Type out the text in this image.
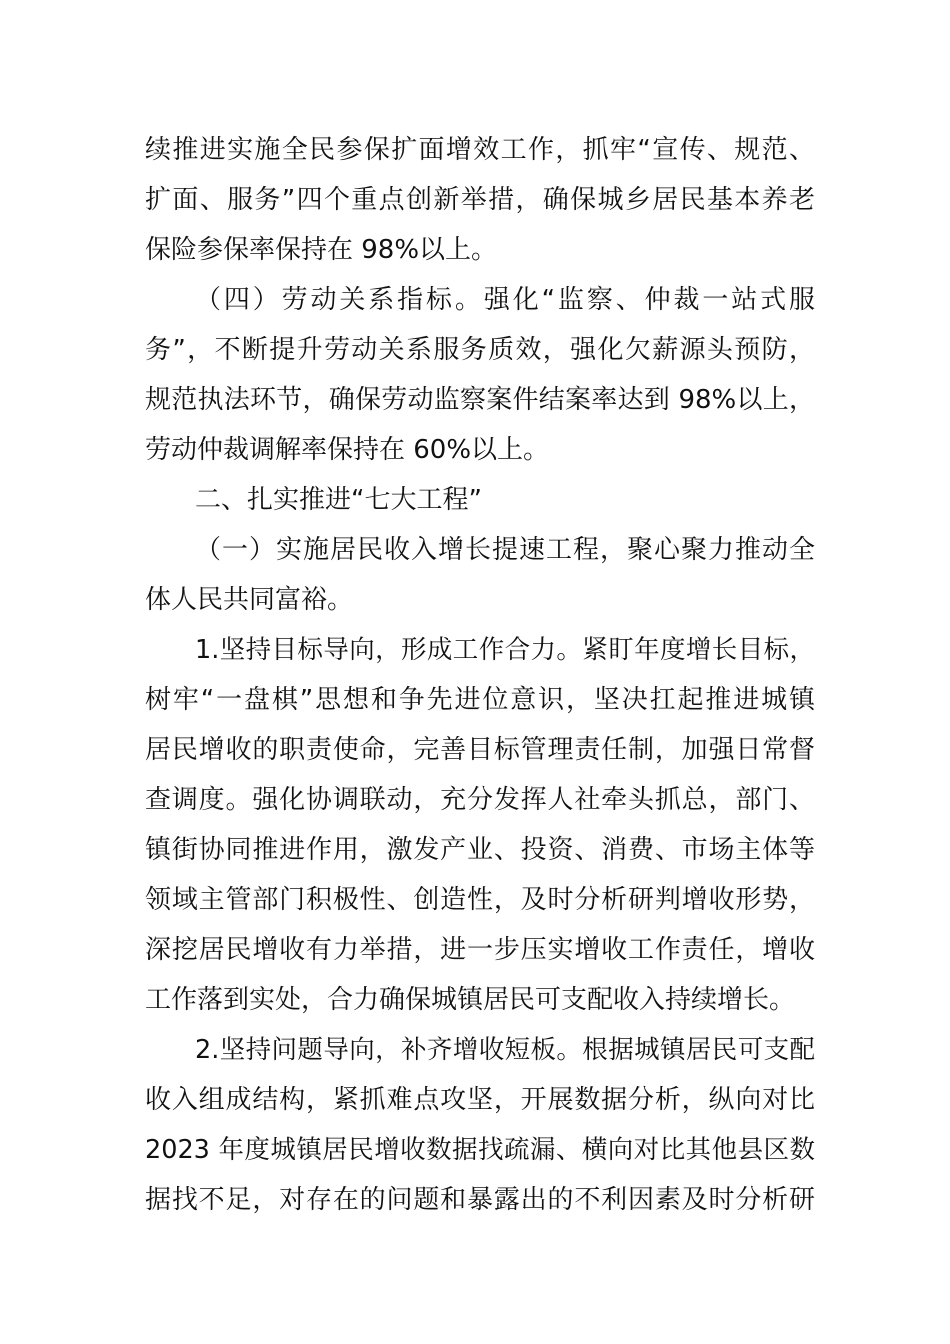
续推进实施全民参保扩面增效工作，抓牢“宣传、规范、
扩面、服务”四个重点创新举措，确保城乡居民基本养老
保险参保率保持在 98%以上。
（四）劳动关系指标。强化“监察、仲裁一站式服
务”，不断提升劳动关系服务质效，强化欠薪源头预防，
规范执法环节，确保劳动监察案件结案率达到 98%以上，
劳动仲裁调解率保持在 60%以上。
二、扎实推进“七大工程”
（一）实施居民收入增长提速工程，聚心聚力推动全
体人民共同富裕。
1.坚持目标导向，形成工作合力。紧盯年度增长目标，
树牢“一盘棋”思想和争先进位意识，坚决扛起推进城镇
居民增收的职责使命，完善目标管理责任制，加强日常督
查调度。强化协调联动，充分发挥人社牵头抓总，部门、
镇街协同推进作用，激发产业、投资、消费、市场主体等
领域主管部门积极性、创造性，及时分析研判增收形势，
深挖居民增收有力举措，进一步压实增收工作责任，增收
工作落到实处，合力确保城镇居民可支配收入持续增长。
2.坚持问题导向，补齐增收短板。根据城镇居民可支配
收入组成结构，紧抓难点攻坚，开展数据分析，纵向对比
2023 年度城镇居民增收数据找疏漏、横向对比其他县区数
据找不足，对存在的问题和暴露出的不利因素及时分析研
